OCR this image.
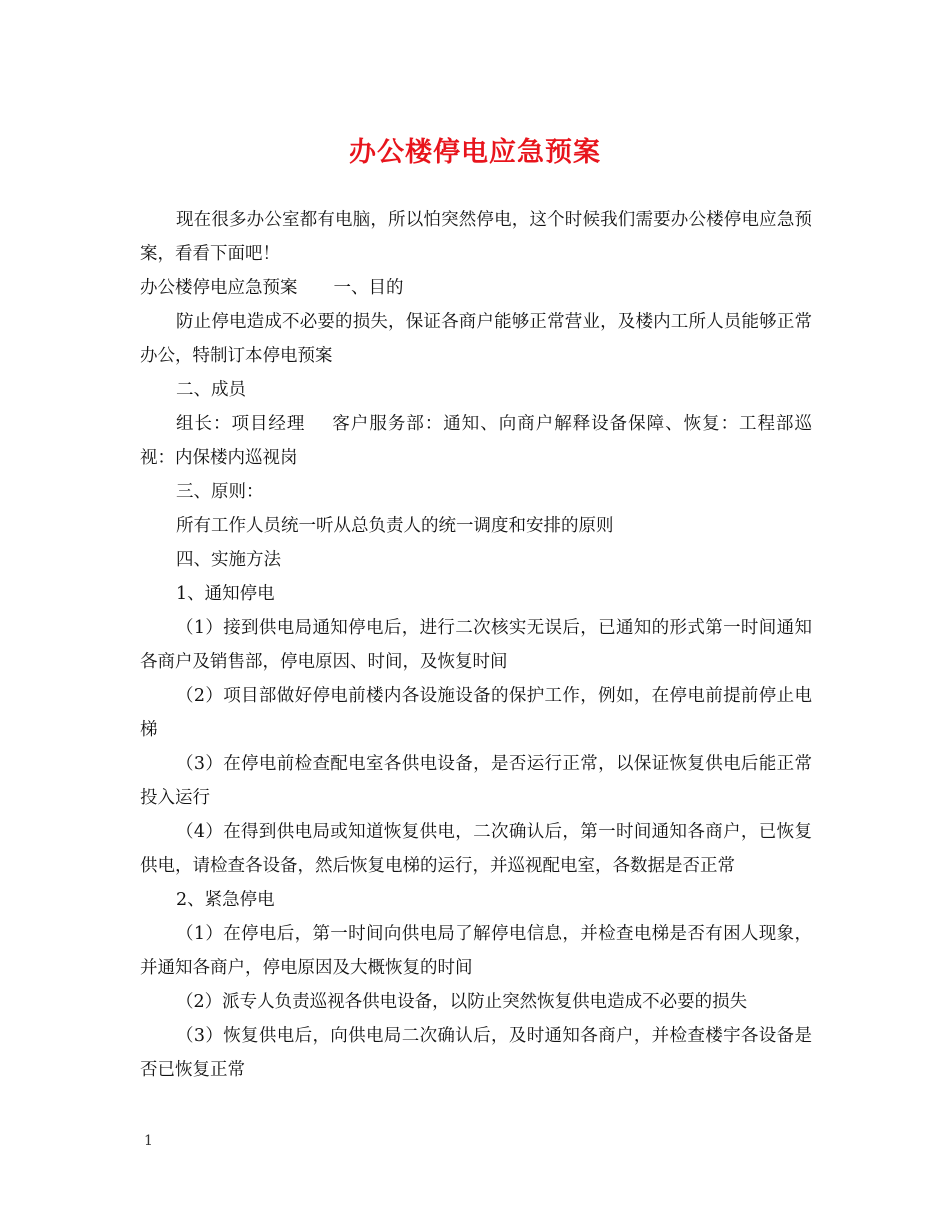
办公楼停电应急预案

现在很多办公室都有电脑，所以怕突然停电，这个时候我们需要办公楼停电应急预案，看看下面吧！

办公楼停电应急预案 一、目的

防止停电造成不必要的损失，保证各商户能够正常营业，及楼内工所人员能够正常办公，特制订本停电预案

二、成员

组长：项目经理 客户服务部：通知、向商户解释设备保障、恢复：工程部巡视：内保楼内巡视岗

三、原则：

所有工作人员统一听从总负责人的统一调度和安排的原则

四、实施方法

1、通知停电

（1）接到供电局通知停电后，进行二次核实无误后，已通知的形式第一时间通知各商户及销售部，停电原因、时间，及恢复时间

（2）项目部做好停电前楼内各设施设备的保护工作，例如，在停电前提前停止电梯

（3）在停电前检查配电室各供电设备，是否运行正常，以保证恢复供电后能正常投入运行

（4）在得到供电局或知道恢复供电，二次确认后，第一时间通知各商户，已恢复供电，请检查各设备，然后恢复电梯的运行，并巡视配电室，各数据是否正常

2、紧急停电

（1）在停电后，第一时间向供电局了解停电信息，并检查电梯是否有困人现象，并通知各商户，停电原因及大概恢复的时间

（2）派专人负责巡视各供电设备，以防止突然恢复供电造成不必要的损失

（3）恢复供电后，向供电局二次确认后，及时通知各商户，并检查楼宇各设备是否已恢复正常

1
